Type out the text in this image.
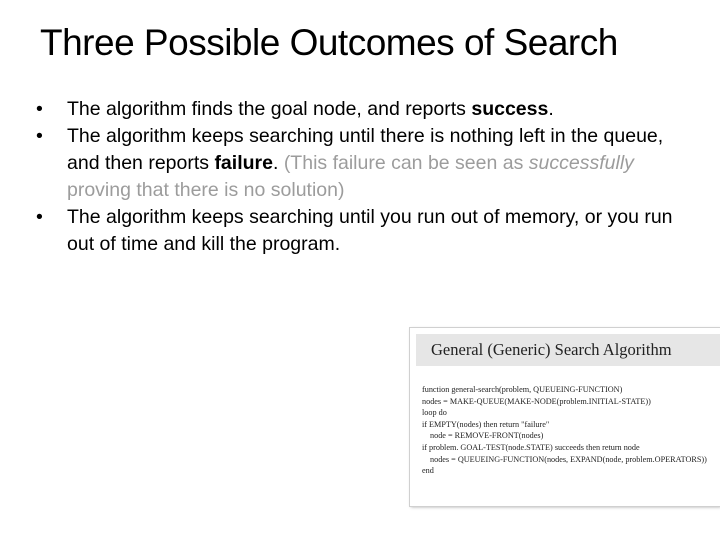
Three Possible Outcomes of Search
• The algorithm finds the goal node, and reports success.
• The algorithm keeps searching until there is nothing left in the queue, and then reports failure. (This failure can be seen as successfully proving that there is no solution)
• The algorithm keeps searching until you run out of memory, or you run out of time and kill the program.
General (Generic) Search Algorithm
function general-search(problem, QUEUEING-FUNCTION)
nodes = MAKE-QUEUE(MAKE-NODE(problem.INITIAL-STATE))
loop do
if EMPTY(nodes) then return "failure"
node = REMOVE-FRONT(nodes)
if problem. GOAL-TEST(node.STATE) succeeds then return node
nodes = QUEUEING-FUNCTION(nodes, EXPAND(node, problem.OPERATORS))
end
